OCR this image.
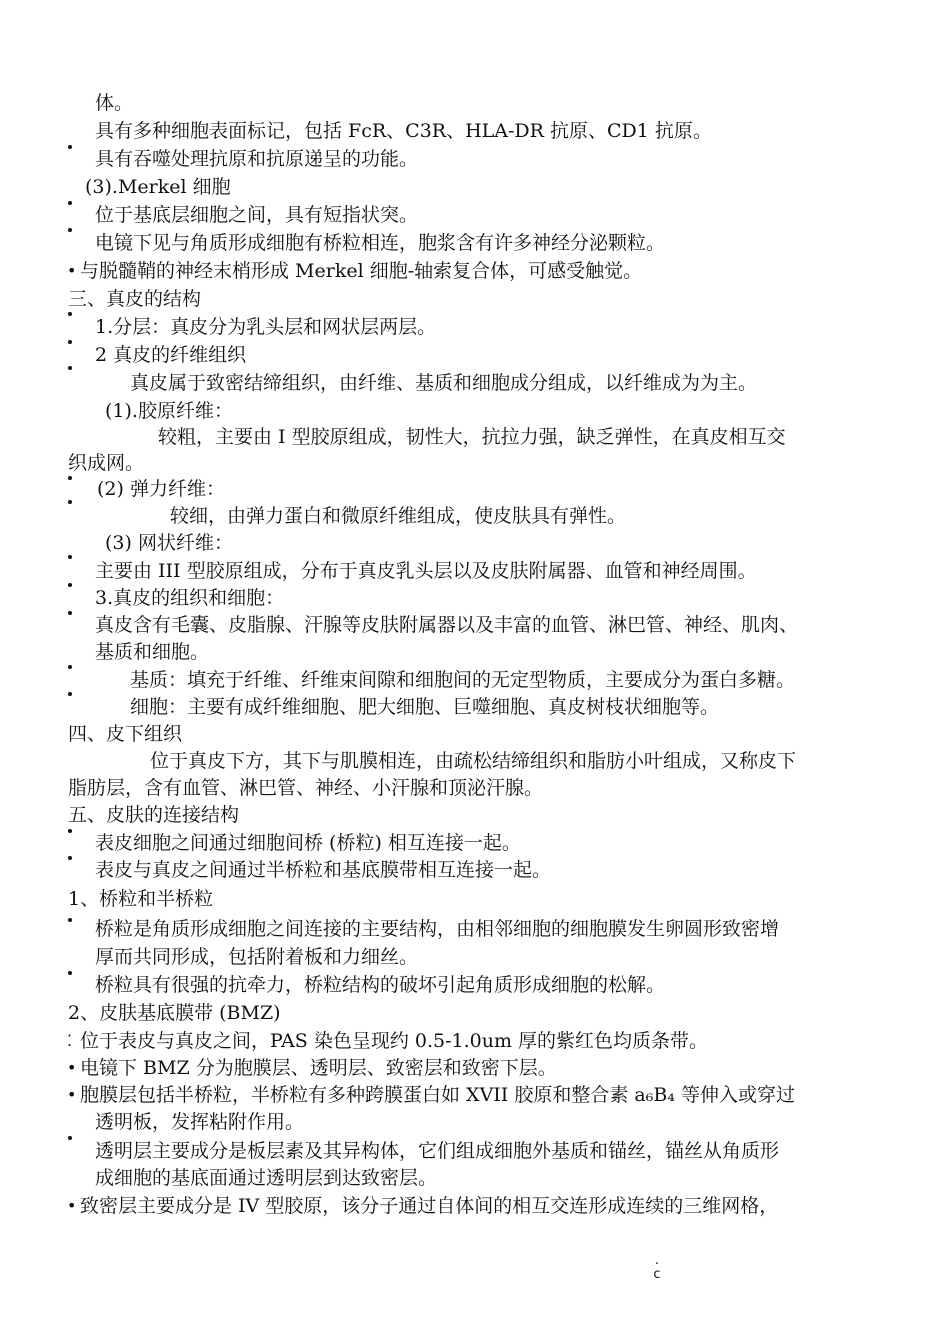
体。
具有多种细胞表面标记，包括 FcR、C3R、HLA-DR 抗原、CD1 抗原。
具有吞噬处理抗原和抗原递呈的功能。
(3).Merkel 细胞
位于基底层细胞之间，具有短指状突。
电镜下见与角质形成细胞有桥粒相连，胞浆含有许多神经分泌颗粒。
与脱髓鞘的神经末梢形成 Merkel 细胞-轴索复合体，可感受触觉。
三、真皮的结构
1.分层：真皮分为乳头层和网状层两层。
2 真皮的纤维组织
真皮属于致密结缔组织，由纤维、基质和细胞成分组成，以纤维成为为主。
(1).胶原纤维：
较粗，主要由 I 型胶原组成，韧性大，抗拉力强，缺乏弹性，在真皮相互交
织成网。
(2) 弹力纤维：
较细，由弹力蛋白和微原纤维组成，使皮肤具有弹性。
(3) 网状纤维：
主要由 III 型胶原组成，分布于真皮乳头层以及皮肤附属器、血管和神经周围。
3.真皮的组织和细胞：
真皮含有毛囊、皮脂腺、汗腺等皮肤附属器以及丰富的血管、淋巴管、神经、肌肉、
基质和细胞。
基质：填充于纤维、纤维束间隙和细胞间的无定型物质，主要成分为蛋白多糖。
细胞：主要有成纤维细胞、肥大细胞、巨噬细胞、真皮树枝状细胞等。
四、皮下组织
位于真皮下方，其下与肌膜相连，由疏松结缔组织和脂肪小叶组成，又称皮下
脂肪层，含有血管、淋巴管、神经、小汗腺和顶泌汗腺。
五、皮肤的连接结构
表皮细胞之间通过细胞间桥 (桥粒) 相互连接一起。
表皮与真皮之间通过半桥粒和基底膜带相互连接一起。
1、桥粒和半桥粒
桥粒是角质形成细胞之间连接的主要结构，由相邻细胞的细胞膜发生卵圆形致密增
厚而共同形成，包括附着板和力细丝。
桥粒具有很强的抗牵力，桥粒结构的破坏引起角质形成细胞的松解。
2、皮肤基底膜带 (BMZ)
位于表皮与真皮之间，PAS 染色呈现约 0.5-1.0um 厚的紫红色均质条带。
电镜下 BMZ 分为胞膜层、透明层、致密层和致密下层。
胞膜层包括半桥粒，半桥粒有多种跨膜蛋白如 XVII 胶原和整合素 a₆B₄ 等伸入或穿过
透明板，发挥粘附作用。
透明层主要成分是板层素及其异构体，它们组成细胞外基质和锚丝，锚丝从角质形
成细胞的基底面通过透明层到达致密层。
致密层主要成分是 IV 型胶原，该分子通过自体间的相互交连形成连续的三维网格，
•
⁚
•
•
•
.
c
